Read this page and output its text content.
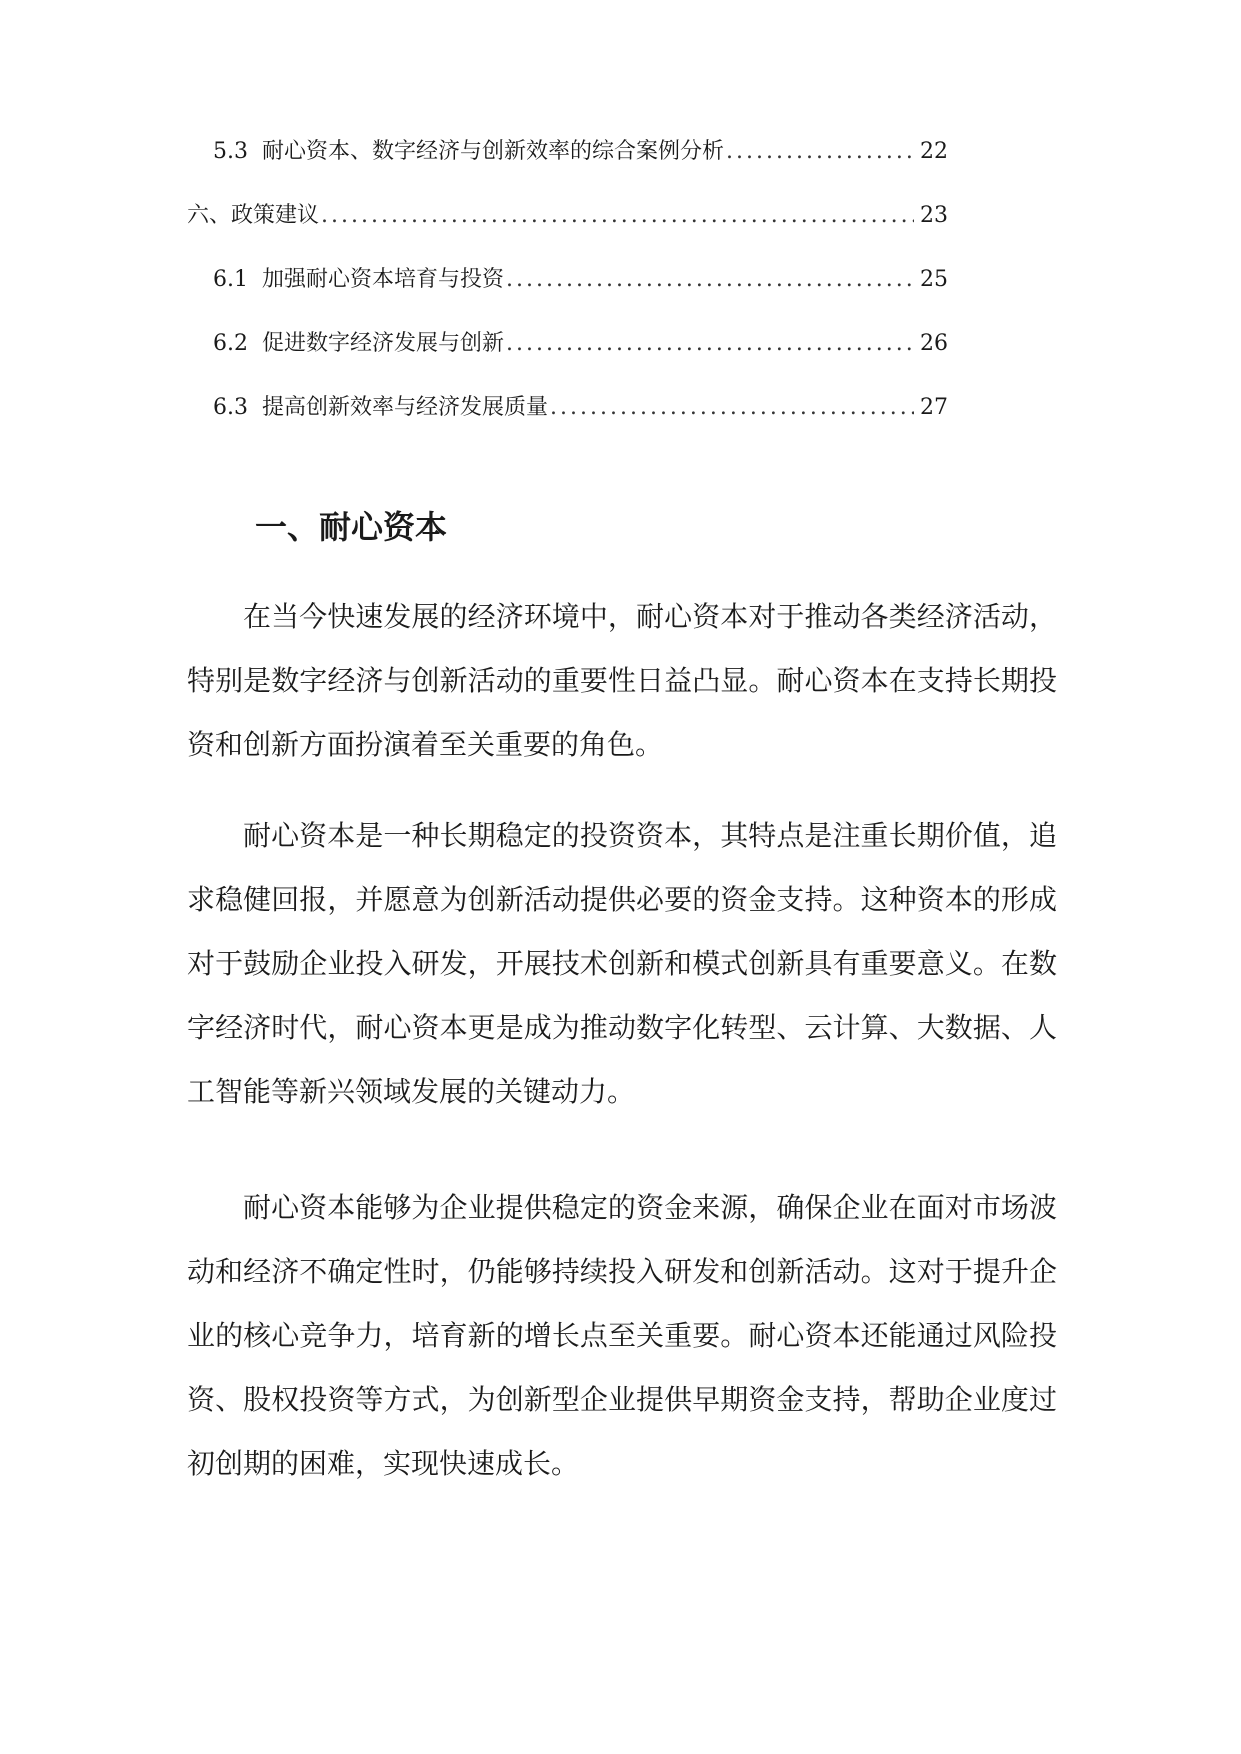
5.3 耐心资本、数字经济与创新效率的综合案例分析 .....	22
六、政策建议 .....	23
6.1 加强耐心资本培育与投资 .....	25
6.2 促进数字经济发展与创新 .....	26
6.3 提高创新效率与经济发展质量 .....	27
一、耐心资本

在当今快速发展的经济环境中，耐心资本对于推动各类经济活动，特别是数字经济与创新活动的重要性日益凸显。耐心资本在支持长期投资和创新方面扮演着至关重要的角色。

耐心资本是一种长期稳定的投资资本，其特点是注重长期价值，追求稳健回报，并愿意为创新活动提供必要的资金支持。这种资本的形成对于鼓励企业投入研发，开展技术创新和模式创新具有重要意义。在数字经济时代，耐心资本更是成为推动数字化转型、云计算、大数据、人工智能等新兴领域发展的关键动力。

耐心资本能够为企业提供稳定的资金来源，确保企业在面对市场波动和经济不确定性时，仍能够持续投入研发和创新活动。这对于提升企业的核心竞争力，培育新的增长点至关重要。耐心资本还能通过风险投资、股权投资等方式，为创新型企业提供早期资金支持，帮助企业度过初创期的困难，实现快速成长。
